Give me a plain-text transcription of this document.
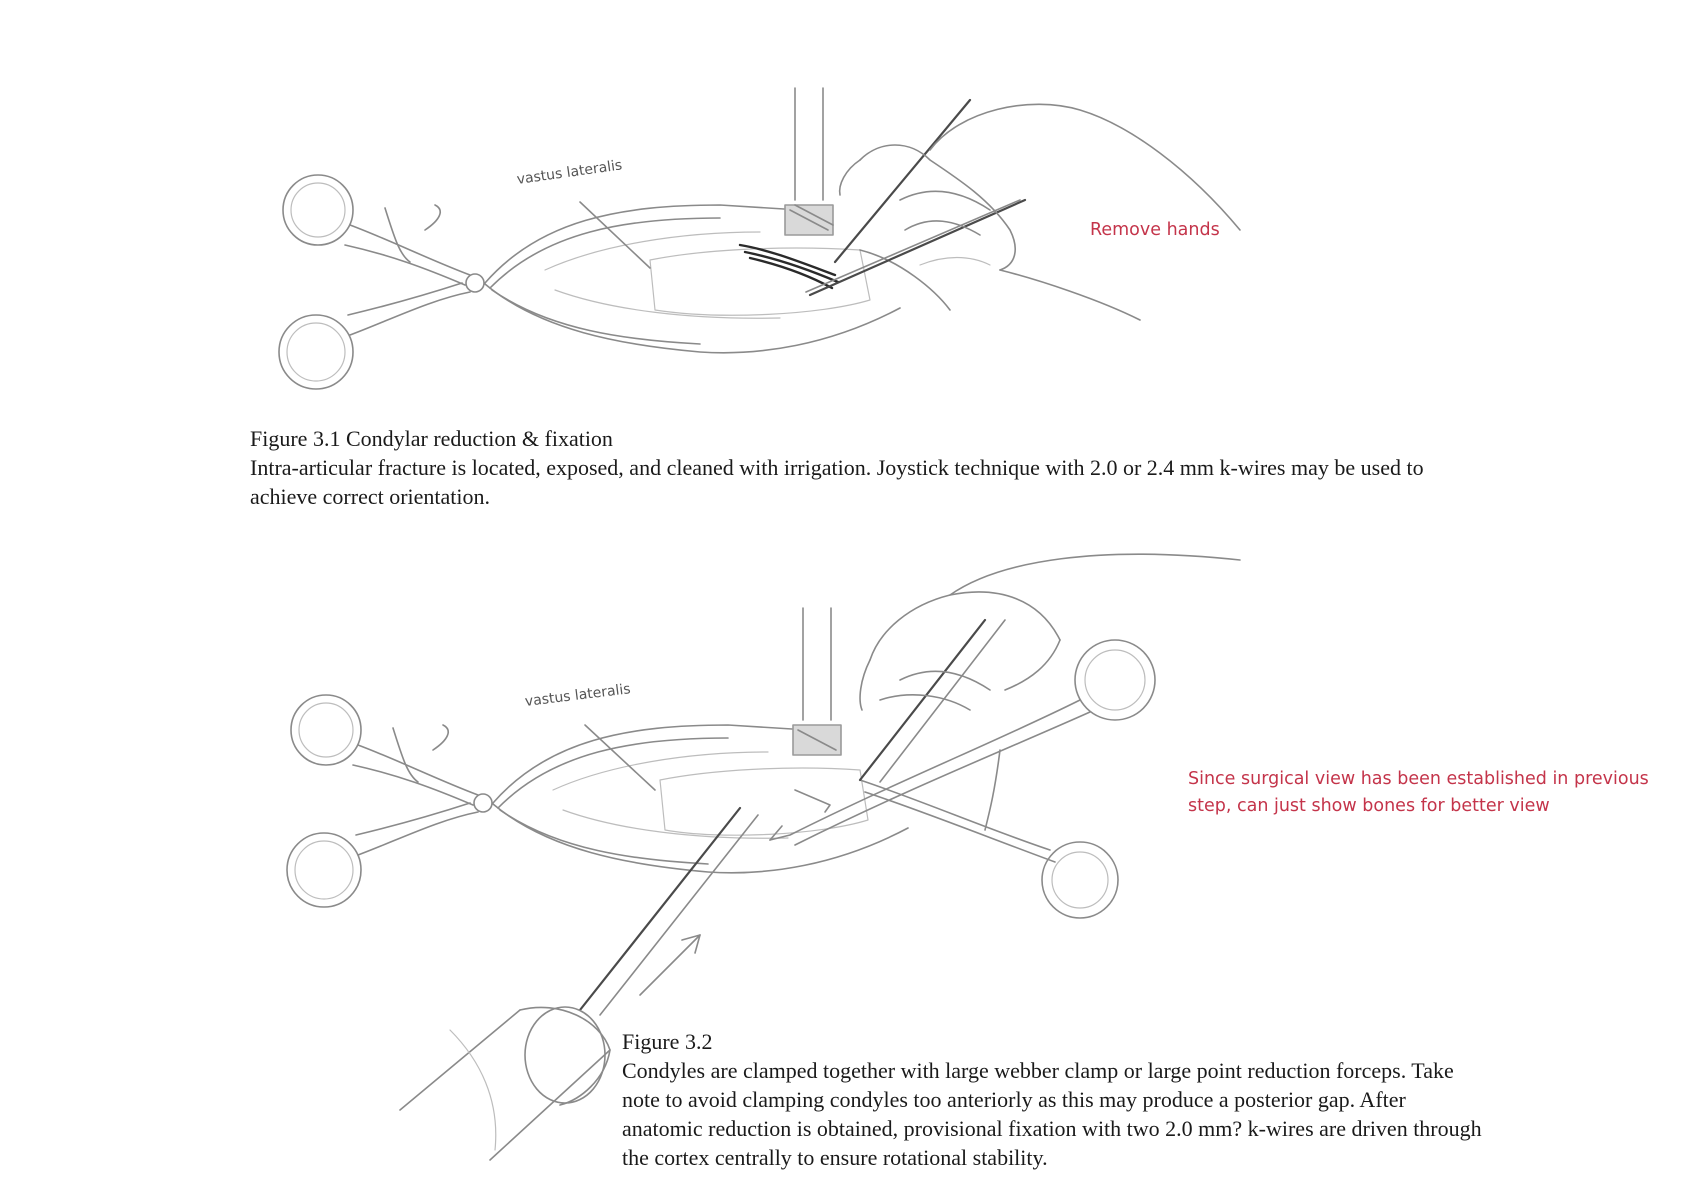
vastus lateralis
vastus lateralis
Remove hands
Since surgical view has been established in previous step, can just show bones for better view

Figure 3.1 Condylar reduction & fixation

Intra-articular fracture is located, exposed, and cleaned with irrigation. Joystick technique with 2.0 or 2.4 mm k-wires may be used to achieve correct orientation.

Figure 3.2

Condyles are clamped together with large webber clamp or large point reduction forceps. Take note to avoid clamping condyles too anteriorly as this may produce a posterior gap. After anatomic reduction is obtained, provisional fixation with two 2.0 mm? k-wires are driven through the cortex centrally to ensure rotational stability.
